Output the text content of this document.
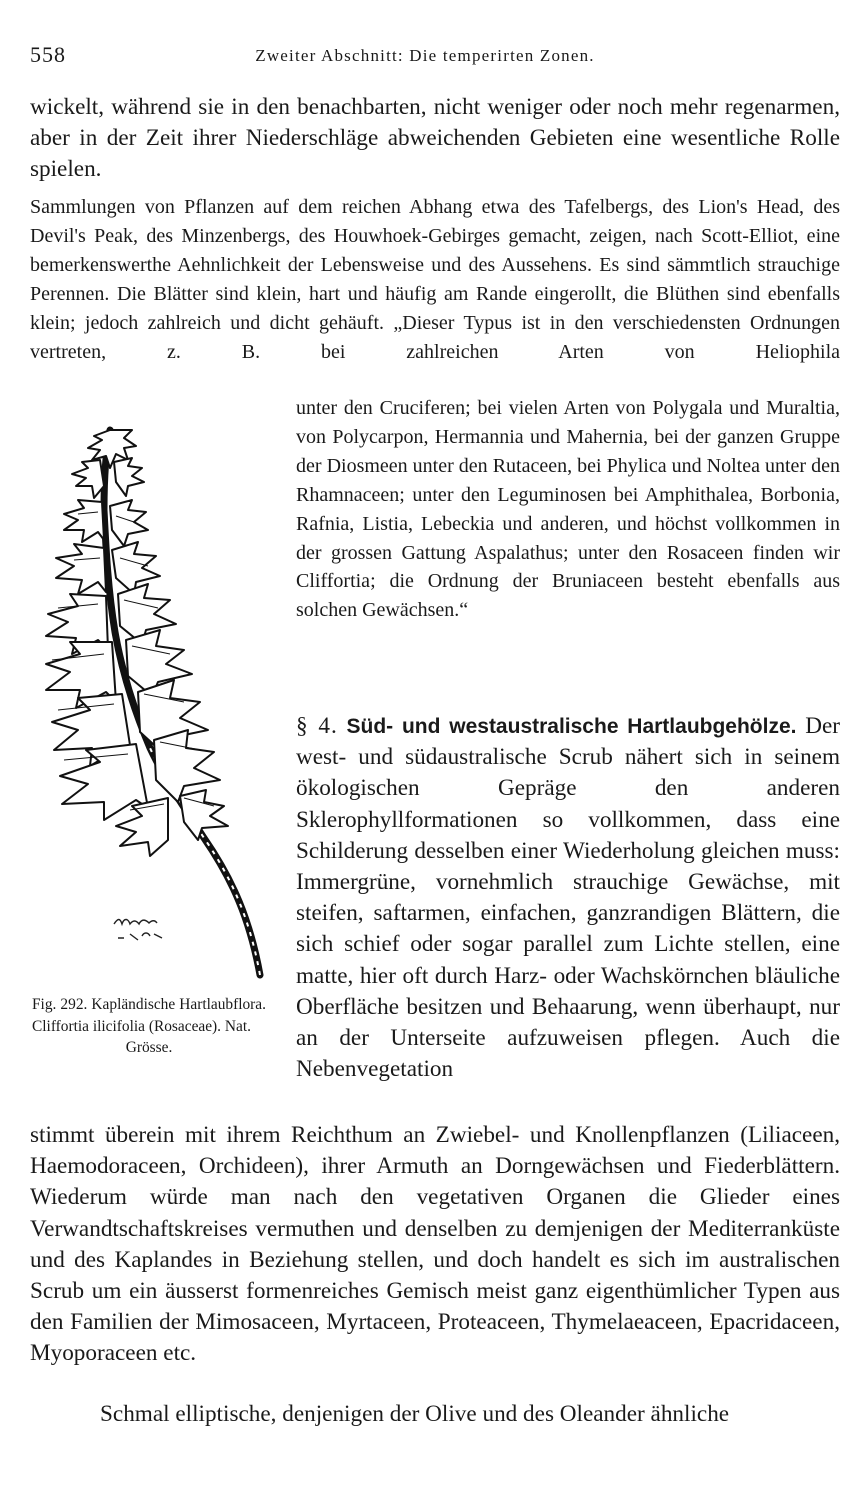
558	Zweiter Abschnitt: Die temperirten Zonen.

wickelt, während sie in den benachbarten, nicht weniger oder noch mehr regenarmen, aber in der Zeit ihrer Niederschläge abweichenden Gebieten eine wesentliche Rolle spielen.

Sammlungen von Pflanzen auf dem reichen Abhang etwa des Tafelbergs, des Lion's Head, des Devil's Peak, des Minzenbergs, des Houwhoek-Gebirges gemacht, zeigen, nach Scott-Elliot, eine bemerkenswerthe Aehnlichkeit der Lebensweise und des Aussehens. Es sind sämmtlich strauchige Perennen. Die Blätter sind klein, hart und häufig am Rande eingerollt, die Blüthen sind ebenfalls klein; jedoch zahlreich und dicht gehäuft. „Dieser Typus ist in den verschiedensten Ordnungen vertreten, z. B. bei zahlreichen Arten von Heliophila

unter den Cruciferen; bei vielen Arten von Polygala und Muraltia, von Polycarpon, Hermannia und Mahernia, bei der ganzen Gruppe der Diosmeen unter den Rutaceen, bei Phylica und Noltea unter den Rhamnaceen; unter den Leguminosen bei Amphithalea, Borbonia, Rafnia, Listia, Lebeckia und anderen, und höchst vollkommen in der grossen Gattung Aspalathus; unter den Rosaceen finden wir Cliffortia; die Ordnung der Bruniaceen besteht ebenfalls aus solchen Gewächsen.“

§ 4. Süd- und westaustralische Hartlaubgehölze. Der west- und südaustralische Scrub nähert sich in seinem ökologischen Gepräge den anderen Sklerophyllformationen so vollkommen, dass eine Schilderung desselben einer Wiederholung gleichen muss: Immergrüne, vornehmlich strauchige Gewächse, mit steifen, saftarmen, einfachen, ganzrandigen Blättern, die sich schief oder sogar parallel zum Lichte stellen, eine matte, hier oft durch Harz- oder Wachskörnchen bläuliche Oberfläche besitzen und Behaarung, wenn überhaupt, nur an der Unterseite aufzuweisen pflegen. Auch die Nebenvegetation

stimmt überein mit ihrem Reichthum an Zwiebel- und Knollenpflanzen (Liliaceen, Haemodoraceen, Orchideen), ihrer Armuth an Dorngewächsen und Fiederblättern. Wiederum würde man nach den vegetativen Organen die Glieder eines Verwandtschaftskreises vermuthen und denselben zu demjenigen der Mediterranküste und des Kaplandes in Beziehung stellen, und doch handelt es sich im australischen Scrub um ein äusserst formenreiches Gemisch meist ganz eigenthümlicher Typen aus den Familien der Mimosaceen, Myrtaceen, Proteaceen, Thymelaeaceen, Epacridaceen, Myoporaceen etc.

Schmal elliptische, denjenigen der Olive und des Oleander ähnliche

Fig. 292. Kapländische Hartlaubflora. Cliffortia ilicifolia (Rosaceae). Nat.
Grösse.
